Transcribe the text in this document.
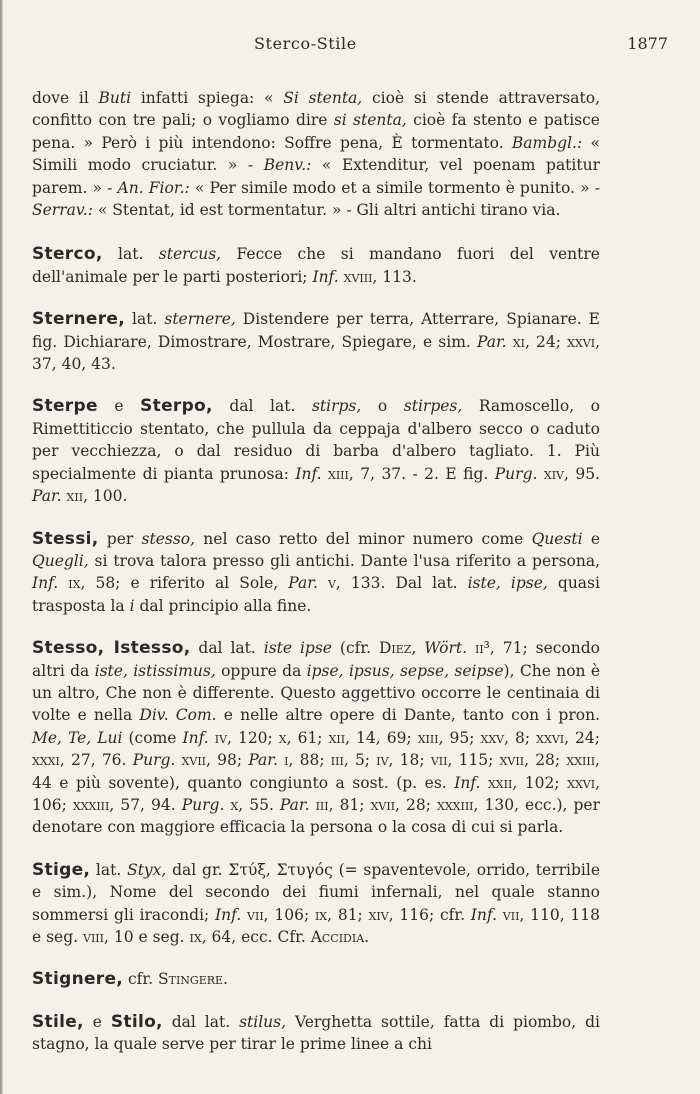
Sterco-Stile	1877

dove il Buti infatti spiega: « Si stenta, cioè si stende attraversato, confitto con tre pali; o vogliamo dire si stenta, cioè fa stento e patisce pena. » Però i più intendono: Soffre pena, È tormentato. Bambgl.: « Simili modo cruciatur. » - Benv.: « Extenditur, vel poenam patitur parem. » - An. Fior.: « Per simile modo et a simile tormento è punito. » - Serrav.: « Stentat, id est tormentatur. » - Gli altri antichi tirano via.

Sterco, lat. stercus, Fecce che si mandano fuori del ventre dell'animale per le parti posteriori; Inf. xviii, 113.

Sternere, lat. sternere, Distendere per terra, Atterrare, Spianare. E fig. Dichiarare, Dimostrare, Mostrare, Spiegare, e sim. Par. xi, 24; xxvi, 37, 40, 43.

Sterpe e Sterpo, dal lat. stirps, o stirpes, Ramoscello, o Rimettiticcio stentato, che pullula da ceppaja d'albero secco o caduto per vecchiezza, o dal residuo di barba d'albero tagliato. 1. Più specialmente di pianta prunosa: Inf. xiii, 7, 37. - 2. E fig. Purg. xiv, 95. Par. xii, 100.

Stessi, per stesso, nel caso retto del minor numero come Questi e Quegli, si trova talora presso gli antichi. Dante l'usa riferito a persona, Inf. ix, 58; e riferito al Sole, Par. v, 133. Dal lat. iste, ipse, quasi trasposta la i dal principio alla fine.

Stesso, Istesso, dal lat. iste ipse (cfr. Diez, Wört. ii³, 71; secondo altri da iste, istissimus, oppure da ipse, ipsus, sepse, seipse), Che non è un altro, Che non è differente. Questo aggettivo occorre le centinaia di volte e nella Div. Com. e nelle altre opere di Dante, tanto con i pron. Me, Te, Lui (come Inf. iv, 120; x, 61; xii, 14, 69; xiii, 95; xxv, 8; xxvi, 24; xxxi, 27, 76. Purg. xvii, 98; Par. i, 88; iii, 5; iv, 18; vii, 115; xvii, 28; xxiii, 44 e più sovente), quanto congiunto a sost. (p. es. Inf. xxii, 102; xxvi, 106; xxxiii, 57, 94. Purg. x, 55. Par. iii, 81; xvii, 28; xxxiii, 130, ecc.), per denotare con maggiore efficacia la persona o la cosa di cui si parla.

Stige, lat. Styx, dal gr. Στύξ, Στυγός (= spaventevole, orrido, terribile e sim.), Nome del secondo dei fiumi infernali, nel quale stanno sommersi gli iracondi; Inf. vii, 106; ix, 81; xiv, 116; cfr. Inf. vii, 110, 118 e seg. viii, 10 e seg. ix, 64, ecc. Cfr. Accidia.

Stignere, cfr. Stingere.

Stile, e Stilo, dal lat. stilus, Verghetta sottile, fatta di piombo, di stagno, la quale serve per tirar le prime linee a chi
